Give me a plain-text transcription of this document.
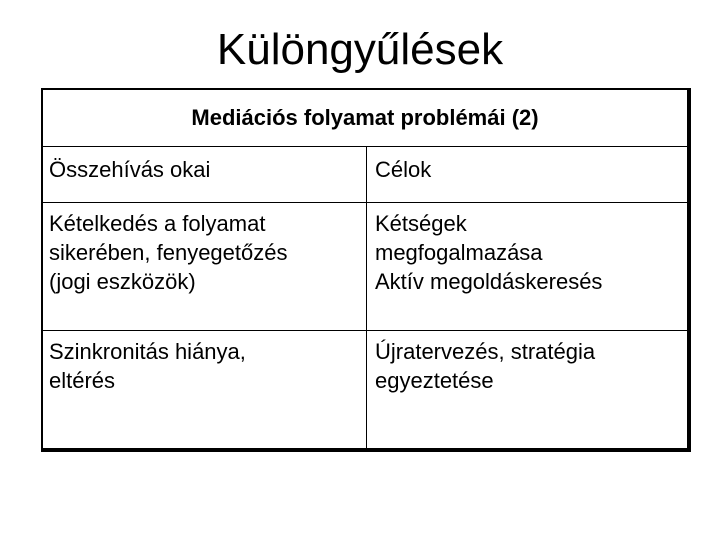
Különgyűlések
Mediációs folyamat problémái (2)
Összehívás okai	Célok
Kételkedés a folyamat
sikerében, fenyegetőzés
(jogi eszközök)
Kétségek
megfogalmazása
Aktív megoldáskeresés
Szinkronitás hiánya,
eltérés
Újratervezés, stratégia
egyeztetése
